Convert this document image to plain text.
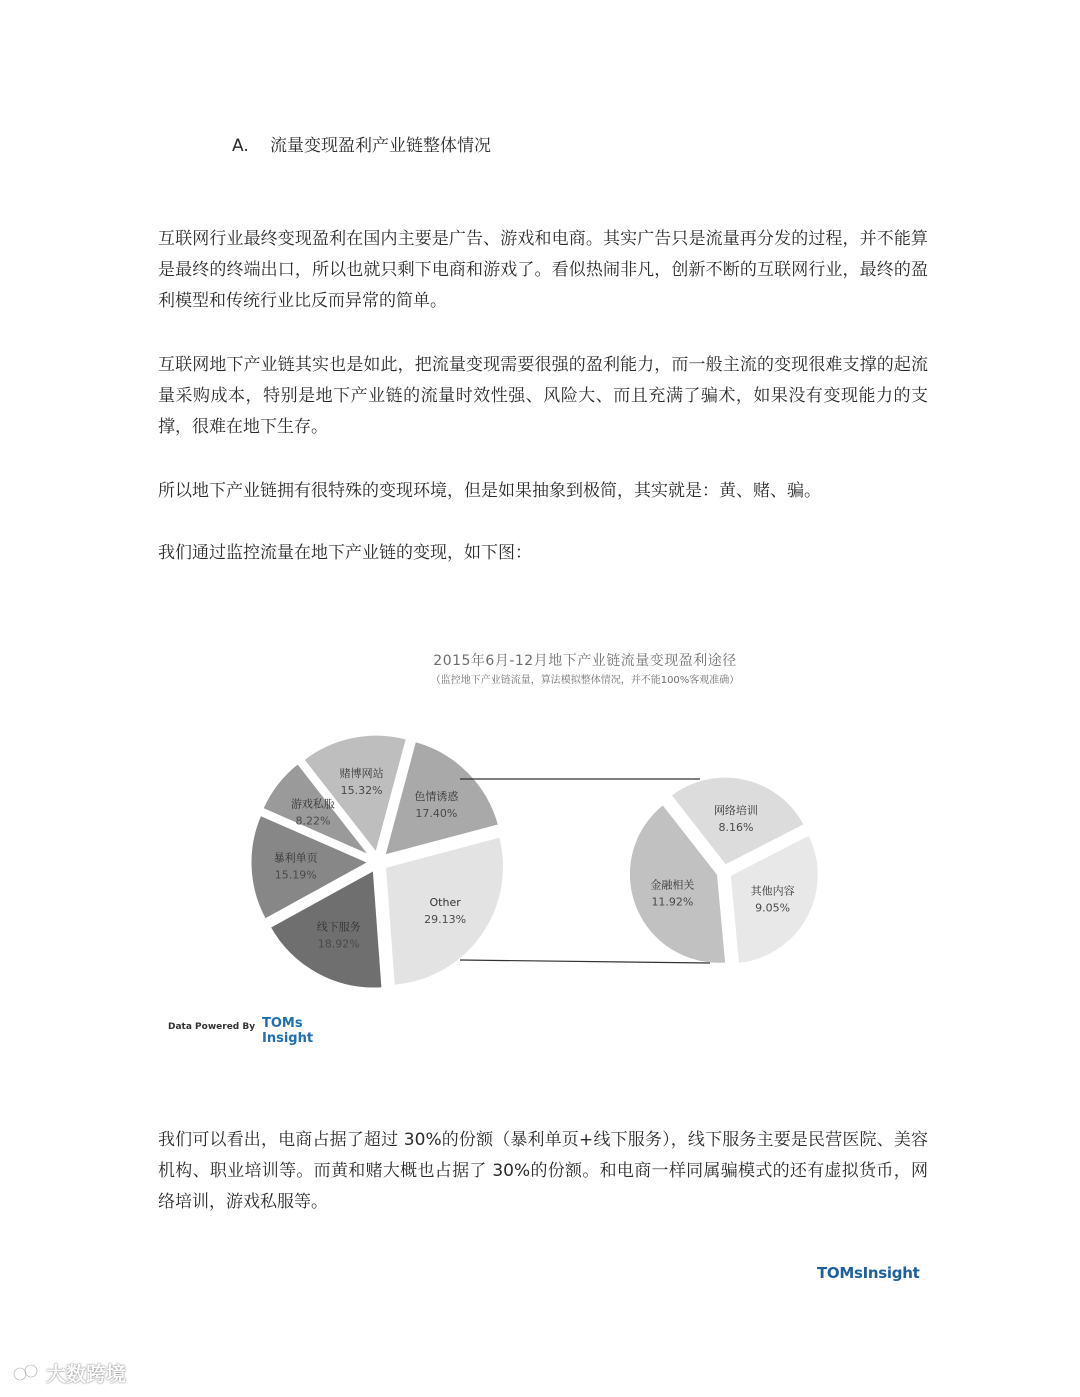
A. 流量变现盈利产业链整体情况
互联网行业最终变现盈利在国内主要是广告、游戏和电商。其实广告只是流量再分发的过程，并不能算是最终的终端出口，所以也就只剩下电商和游戏了。看似热闹非凡，创新不断的互联网行业，最终的盈利模型和传统行业比反而异常的简单。
互联网地下产业链其实也是如此，把流量变现需要很强的盈利能力，而一般主流的变现很难支撑的起流量采购成本，特别是地下产业链的流量时效性强、风险大、而且充满了骗术，如果没有变现能力的支撑，很难在地下生存。
所以地下产业链拥有很特殊的变现环境，但是如果抽象到极简，其实就是：黄、赌、骗。
我们通过监控流量在地下产业链的变现，如下图：
2015年6月-12月地下产业链流量变现盈利途径
（监控地下产业链流量，算法模拟整体情况，并不能100%客观准确）
色情诱惑
17.40%
Other
29.13%
线下服务
18.92%
暴利单页
15.19%
游戏私服
8.22%
赌博网站
15.32%
网络培训
8.16%
其他内容
9.05%
金融相关
11.92%
Data Powered By TOMs
Insight
我们可以看出，电商占据了超过 30%的份额（暴利单页+线下服务），线下服务主要是民营医院、美容机构、职业培训等。而黄和赌大概也占据了 30%的份额。和电商一样同属骗模式的还有虚拟货币，网络培训，游戏私服等。
TOMsInsight
大数跨境
